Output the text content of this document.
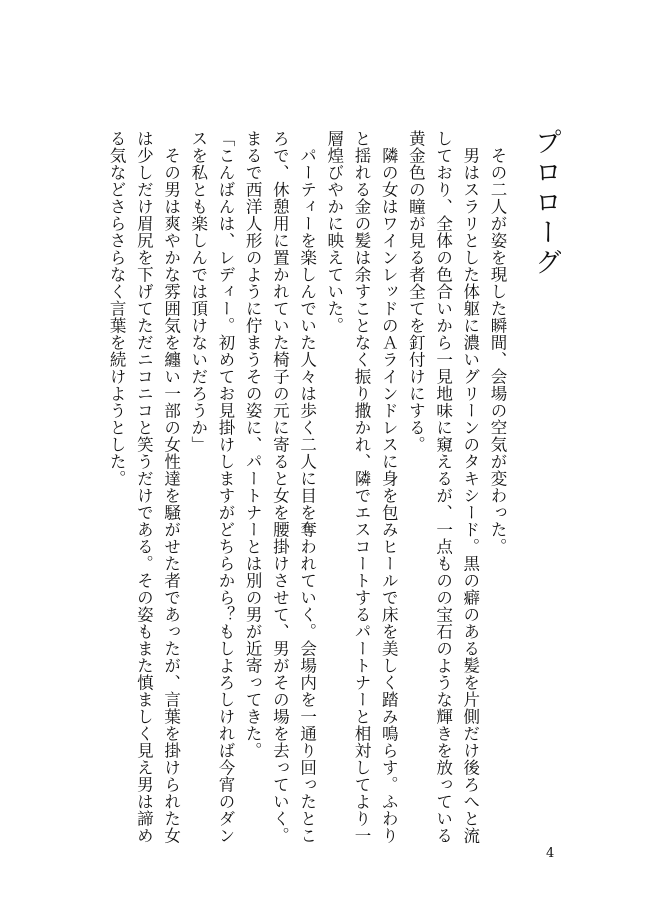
プロローグ

その二人が姿を現した瞬間、会場の空気が変わった。

男はスラリとした体躯に濃いグリーンのタキシード。黒の癖のある髪を片側だけ後ろへと流

しており、全体の色合いから一見地味に窺えるが、一点ものの宝石のような輝きを放っている

黄金色の瞳が見る者全てを釘付けにする。

隣の女はワインレッドのＡラインドレスに身を包みヒールで床を美しく踏み鳴らす。ふわり

と揺れる金の髪は余すことなく振り撒かれ、隣でエスコートするパートナーと相対してより一

層煌びやかに映えていた。

パーティーを楽しんでいた人々は歩く二人に目を奪われていく。会場内を一通り回ったとこ

ろで、休憩用に置かれていた椅子の元に寄ると女を腰掛けさせて、男がその場を去っていく。

まるで西洋人形のように佇まうその姿に、パートナーとは別の男が近寄ってきた。

「こんばんは、レディー。初めてお見掛けしますがどちらから？もしよろしければ今宵のダン

スを私とも楽しんでは頂けないだろうか」

その男は爽やかな雰囲気を纏い一部の女性達を騒がせた者であったが、言葉を掛けられた女

は少しだけ眉尻を下げてただニコニコと笑うだけである。その姿もまた慎ましく見え男は諦め

る気などさらさらなく言葉を続けようとした。

4
